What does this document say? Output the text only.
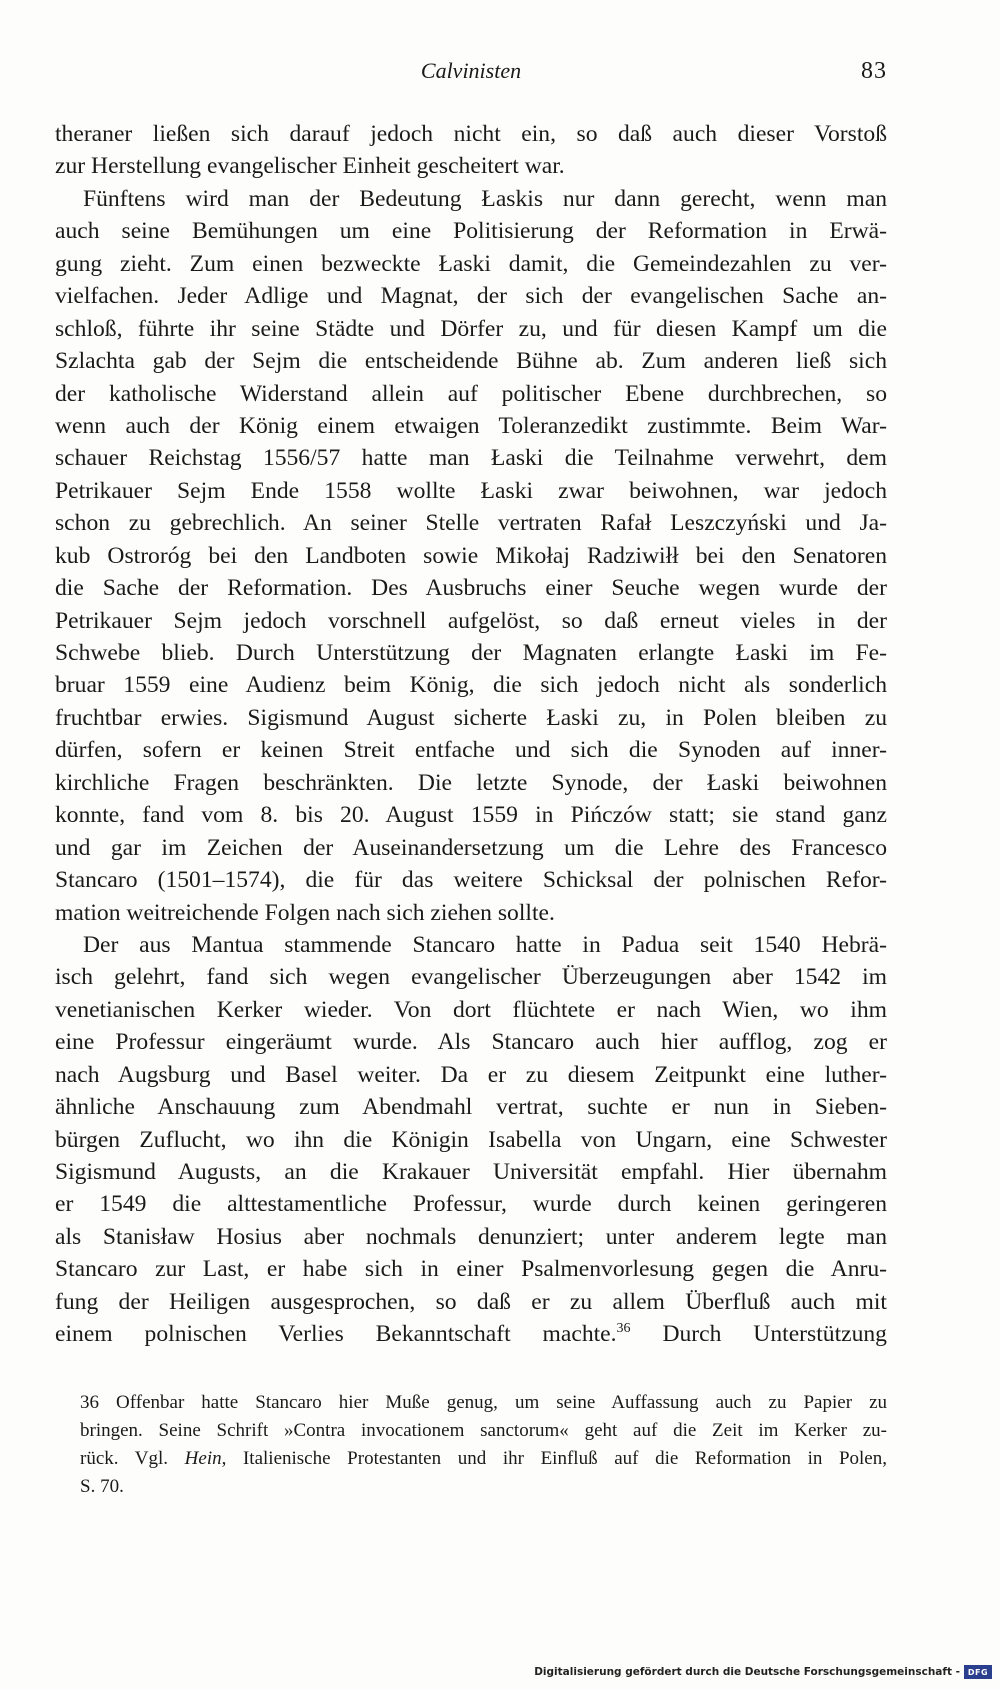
Calvinisten	83
theraner ließen sich darauf jedoch nicht ein, so daß auch dieser Vorstoß
zur Herstellung evangelischer Einheit gescheitert war.
Fünftens wird man der Bedeutung Łaskis nur dann gerecht, wenn man
auch seine Bemühungen um eine Politisierung der Reformation in Erwä-
gung zieht. Zum einen bezweckte Łaski damit, die Gemeindezahlen zu ver-
vielfachen. Jeder Adlige und Magnat, der sich der evangelischen Sache an-
schloß, führte ihr seine Städte und Dörfer zu, und für diesen Kampf um die
Szlachta gab der Sejm die entscheidende Bühne ab. Zum anderen ließ sich
der katholische Widerstand allein auf politischer Ebene durchbrechen, so
wenn auch der König einem etwaigen Toleranzedikt zustimmte. Beim War-
schauer Reichstag 1556/57 hatte man Łaski die Teilnahme verwehrt, dem
Petrikauer Sejm Ende 1558 wollte Łaski zwar beiwohnen, war jedoch
schon zu gebrechlich. An seiner Stelle vertraten Rafał Leszczyński und Ja-
kub Ostroróg bei den Landboten sowie Mikołaj Radziwiłł bei den Senatoren
die Sache der Reformation. Des Ausbruchs einer Seuche wegen wurde der
Petrikauer Sejm jedoch vorschnell aufgelöst, so daß erneut vieles in der
Schwebe blieb. Durch Unterstützung der Magnaten erlangte Łaski im Fe-
bruar 1559 eine Audienz beim König, die sich jedoch nicht als sonderlich
fruchtbar erwies. Sigismund August sicherte Łaski zu, in Polen bleiben zu
dürfen, sofern er keinen Streit entfache und sich die Synoden auf inner-
kirchliche Fragen beschränkten. Die letzte Synode, der Łaski beiwohnen
konnte, fand vom 8. bis 20. August 1559 in Pińczów statt; sie stand ganz
und gar im Zeichen der Auseinandersetzung um die Lehre des Francesco
Stancaro (1501–1574), die für das weitere Schicksal der polnischen Refor-
mation weitreichende Folgen nach sich ziehen sollte.
Der aus Mantua stammende Stancaro hatte in Padua seit 1540 Hebrä-
isch gelehrt, fand sich wegen evangelischer Überzeugungen aber 1542 im
venetianischen Kerker wieder. Von dort flüchtete er nach Wien, wo ihm
eine Professur eingeräumt wurde. Als Stancaro auch hier aufflog, zog er
nach Augsburg und Basel weiter. Da er zu diesem Zeitpunkt eine luther-
ähnliche Anschauung zum Abendmahl vertrat, suchte er nun in Sieben-
bürgen Zuflucht, wo ihn die Königin Isabella von Ungarn, eine Schwester
Sigismund Augusts, an die Krakauer Universität empfahl. Hier übernahm
er 1549 die alttestamentliche Professur, wurde durch keinen geringeren
als Stanisław Hosius aber nochmals denunziert; unter anderem legte man
Stancaro zur Last, er habe sich in einer Psalmenvorlesung gegen die Anru-
fung der Heiligen ausgesprochen, so daß er zu allem Überfluß auch mit
einem polnischen Verlies Bekanntschaft machte.$^{36}$ Durch Unterstützung
36 Offenbar hatte Stancaro hier Muße genug, um seine Auffassung auch zu Papier zu
bringen. Seine Schrift »Contra invocationem sanctorum« geht auf die Zeit im Kerker zu-
rück. Vgl. Hein, Italienische Protestanten und ihr Einfluß auf die Reformation in Polen,
S. 70.
Digitalisierung gefördert durch die Deutsche Forschungsgemeinschaft - DFG
